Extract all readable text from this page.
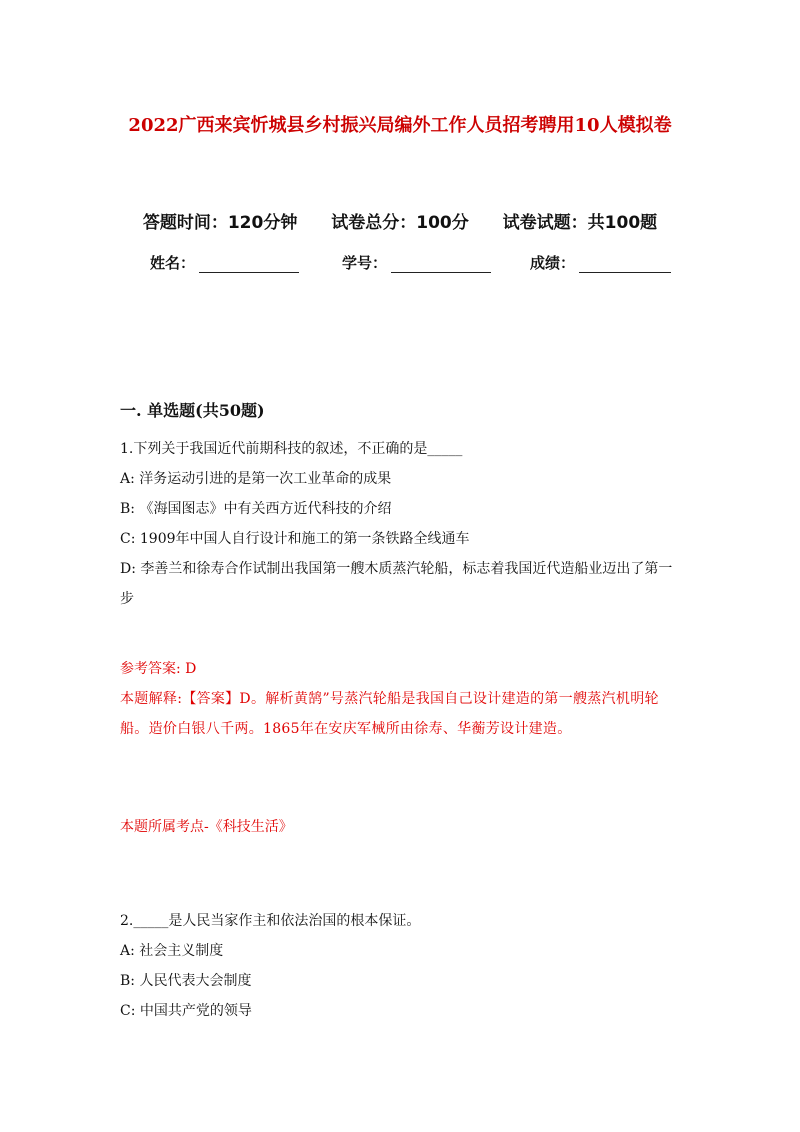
2022广西来宾忻城县乡村振兴局编外工作人员招考聘用10人模拟卷
答题时间：120分钟 试卷总分：100分 试卷试题：共100题
姓名：	学号：	成绩：
一. 单选题(共50题)
1.下列关于我国近代前期科技的叙述，不正确的是_____
A: 洋务运动引进的是第一次工业革命的成果
B: 《海国图志》中有关西方近代科技的介绍
C: 1909年中国人自行设计和施工的第一条铁路全线通车
D: 李善兰和徐寿合作试制出我国第一艘木质蒸汽轮船，标志着我国近代造船业迈出了第一步
参考答案: D
本题解释:【答案】D。解析黄鹄”号蒸汽轮船是我国自己设计建造的第一艘蒸汽机明轮船。造价白银八千两。1865年在安庆军械所由徐寿、华蘅芳设计建造。
本题所属考点-《科技生活》
2._____是人民当家作主和依法治国的根本保证。
A: 社会主义制度
B: 人民代表大会制度
C: 中国共产党的领导
